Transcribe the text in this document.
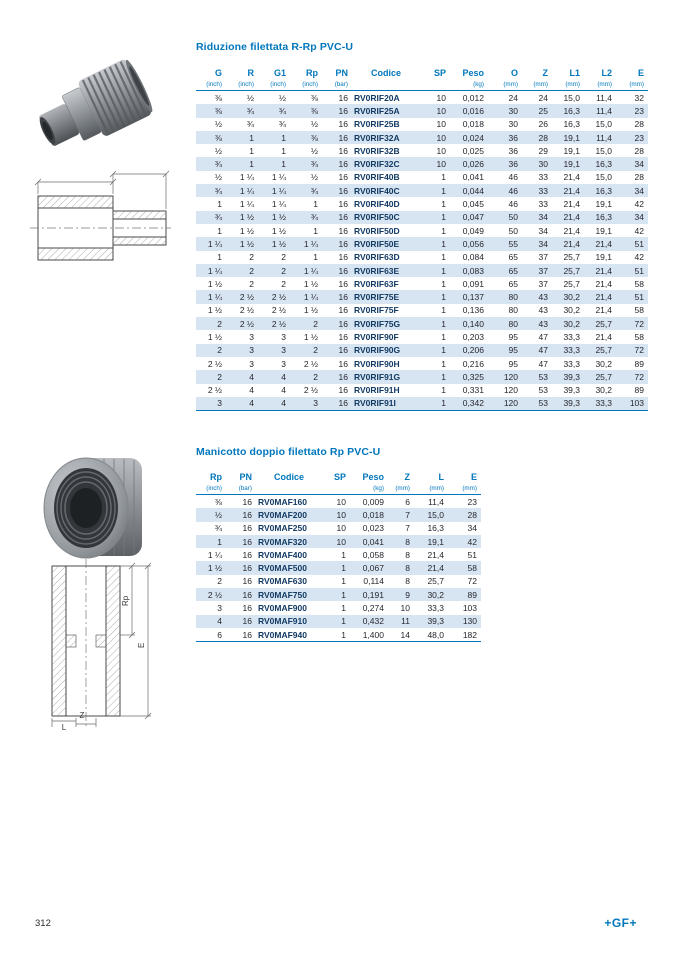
Rp
E
Z
L
Riduzione filettata R-Rp PVC-U
G	R	G1	Rp	PN	Codice	SP	Peso	O	Z	L1	L2	E
(inch)	(inch)	(inch)	(inch)	(bar)			(kg)	(mm)	(mm)	(mm)	(mm)	(mm)
⅜	½	½	⅜	16	RV0RIF20A	10	0,012	24	24	15,0	11,4	32
⅜	¾	¾	⅜	16	RV0RIF25A	10	0,016	30	25	16,3	11,4	23
½	¾	¾	½	16	RV0RIF25B	10	0,018	30	26	16,3	15,0	28
⅜	1	1	⅜	16	RV0RIF32A	10	0,024	36	28	19,1	11,4	23
½	1	1	½	16	RV0RIF32B	10	0,025	36	29	19,1	15,0	28
¾	1	1	¾	16	RV0RIF32C	10	0,026	36	30	19,1	16,3	34
½	1 ¼	1 ¼	½	16	RV0RIF40B	1	0,041	46	33	21,4	15,0	28
¾	1 ¼	1 ¼	¾	16	RV0RIF40C	1	0,044	46	33	21,4	16,3	34
1	1 ¼	1 ¼	1	16	RV0RIF40D	1	0,045	46	33	21,4	19,1	42
¾	1 ½	1 ½	¾	16	RV0RIF50C	1	0,047	50	34	21,4	16,3	34
1	1 ½	1 ½	1	16	RV0RIF50D	1	0,049	50	34	21,4	19,1	42
1 ¼	1 ½	1 ½	1 ¼	16	RV0RIF50E	1	0,056	55	34	21,4	21,4	51
1	2	2	1	16	RV0RIF63D	1	0,084	65	37	25,7	19,1	42
1 ¼	2	2	1 ¼	16	RV0RIF63E	1	0,083	65	37	25,7	21,4	51
1 ½	2	2	1 ½	16	RV0RIF63F	1	0,091	65	37	25,7	21,4	58
1 ¼	2 ½	2 ½	1 ¼	16	RV0RIF75E	1	0,137	80	43	30,2	21,4	51
1 ½	2 ½	2 ½	1 ½	16	RV0RIF75F	1	0,136	80	43	30,2	21,4	58
2	2 ½	2 ½	2	16	RV0RIF75G	1	0,140	80	43	30,2	25,7	72
1 ½	3	3	1 ½	16	RV0RIF90F	1	0,203	95	47	33,3	21,4	58
2	3	3	2	16	RV0RIF90G	1	0,206	95	47	33,3	25,7	72
2 ½	3	3	2 ½	16	RV0RIF90H	1	0,216	95	47	33,3	30,2	89
2	4	4	2	16	RV0RIF91G	1	0,325	120	53	39,3	25,7	72
2 ½	4	4	2 ½	16	RV0RIF91H	1	0,331	120	53	39,3	30,2	89
3	4	4	3	16	RV0RIF91I	1	0,342	120	53	39,3	33,3	103
Manicotto doppio filettato Rp PVC-U
Rp	PN	Codice	SP	Peso	Z	L	E
(inch)	(bar)			(kg)	(mm)	(mm)	(mm)
⅜	16	RV0MAF160	10	0,009	6	11,4	23
½	16	RV0MAF200	10	0,018	7	15,0	28
¾	16	RV0MAF250	10	0,023	7	16,3	34
1	16	RV0MAF320	10	0,041	8	19,1	42
1 ¼	16	RV0MAF400	1	0,058	8	21,4	51
1 ½	16	RV0MAF500	1	0,067	8	21,4	58
2	16	RV0MAF630	1	0,114	8	25,7	72
2 ½	16	RV0MAF750	1	0,191	9	30,2	89
3	16	RV0MAF900	1	0,274	10	33,3	103
4	16	RV0MAF910	1	0,432	11	39,3	130
6	16	RV0MAF940	1	1,400	14	48,0	182
312	+GF+
